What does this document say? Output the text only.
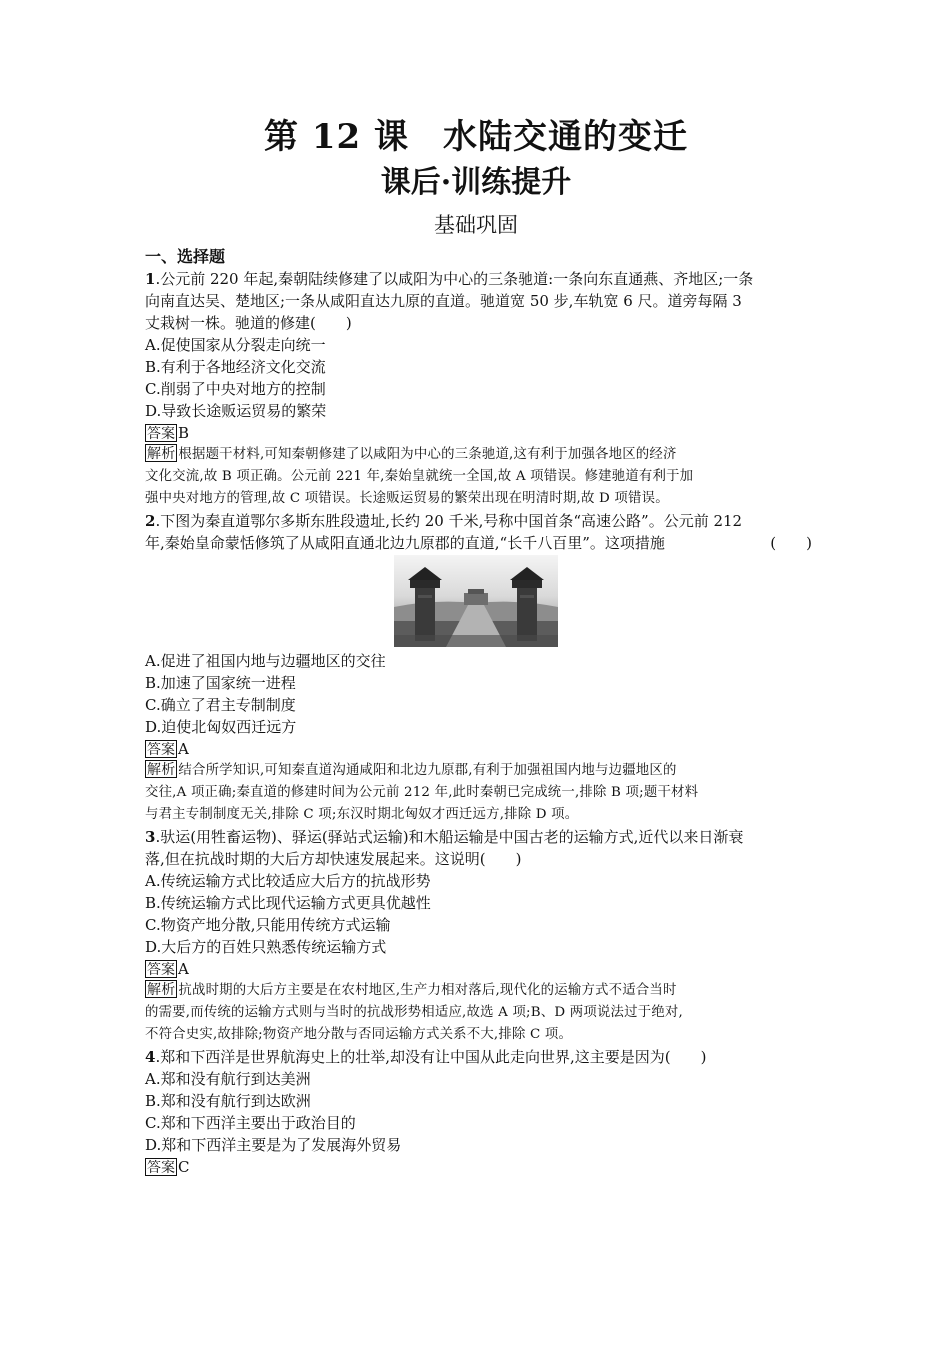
第 12 课 水陆交通的变迁
课后·训练提升
基础巩固
一、选择题
1.公元前 220 年起,秦朝陆续修建了以咸阳为中心的三条驰道:一条向东直通燕、齐地区;一条
向南直达吴、楚地区;一条从咸阳直达九原的直道。驰道宽 50 步,车轨宽 6 尺。道旁每隔 3
丈栽树一株。驰道的修建(　　)
A.促使国家从分裂走向统一
B.有利于各地经济文化交流
C.削弱了中央对地方的控制
D.导致长途贩运贸易的繁荣
答案 B
解析 根据题干材料,可知秦朝修建了以咸阳为中心的三条驰道,这有利于加强各地区的经济
文化交流,故 B 项正确。公元前 221 年,秦始皇就统一全国,故 A 项错误。修建驰道有利于加
强中央对地方的管理,故 C 项错误。长途贩运贸易的繁荣出现在明清时期,故 D 项错误。
2.下图为秦直道鄂尔多斯东胜段遗址,长约 20 千米,号称中国首条“高速公路”。公元前 212
年,秦始皇命蒙恬修筑了从咸阳直通北边九原郡的直道,“长千八百里”。这项措施	(　　)
A.促进了祖国内地与边疆地区的交往
B.加速了国家统一进程
C.确立了君主专制制度
D.迫使北匈奴西迁远方
答案 A
解析 结合所学知识,可知秦直道沟通咸阳和北边九原郡,有利于加强祖国内地与边疆地区的
交往,A 项正确;秦直道的修建时间为公元前 212 年,此时秦朝已完成统一,排除 B 项;题干材料
与君主专制制度无关,排除 C 项;东汉时期北匈奴才西迁远方,排除 D 项。
3.驮运(用牲畜运物)、驿运(驿站式运输)和木船运输是中国古老的运输方式,近代以来日渐衰
落,但在抗战时期的大后方却快速发展起来。这说明(　　)
A.传统运输方式比较适应大后方的抗战形势
B.传统运输方式比现代运输方式更具优越性
C.物资产地分散,只能用传统方式运输
D.大后方的百姓只熟悉传统运输方式
答案 A
解析 抗战时期的大后方主要是在农村地区,生产力相对落后,现代化的运输方式不适合当时
的需要,而传统的运输方式则与当时的抗战形势相适应,故选 A 项;B、D 两项说法过于绝对,
不符合史实,故排除;物资产地分散与否同运输方式关系不大,排除 C 项。
4.郑和下西洋是世界航海史上的壮举,却没有让中国从此走向世界,这主要是因为(　　)
A.郑和没有航行到达美洲
B.郑和没有航行到达欧洲
C.郑和下西洋主要出于政治目的
D.郑和下西洋主要是为了发展海外贸易
答案 C
